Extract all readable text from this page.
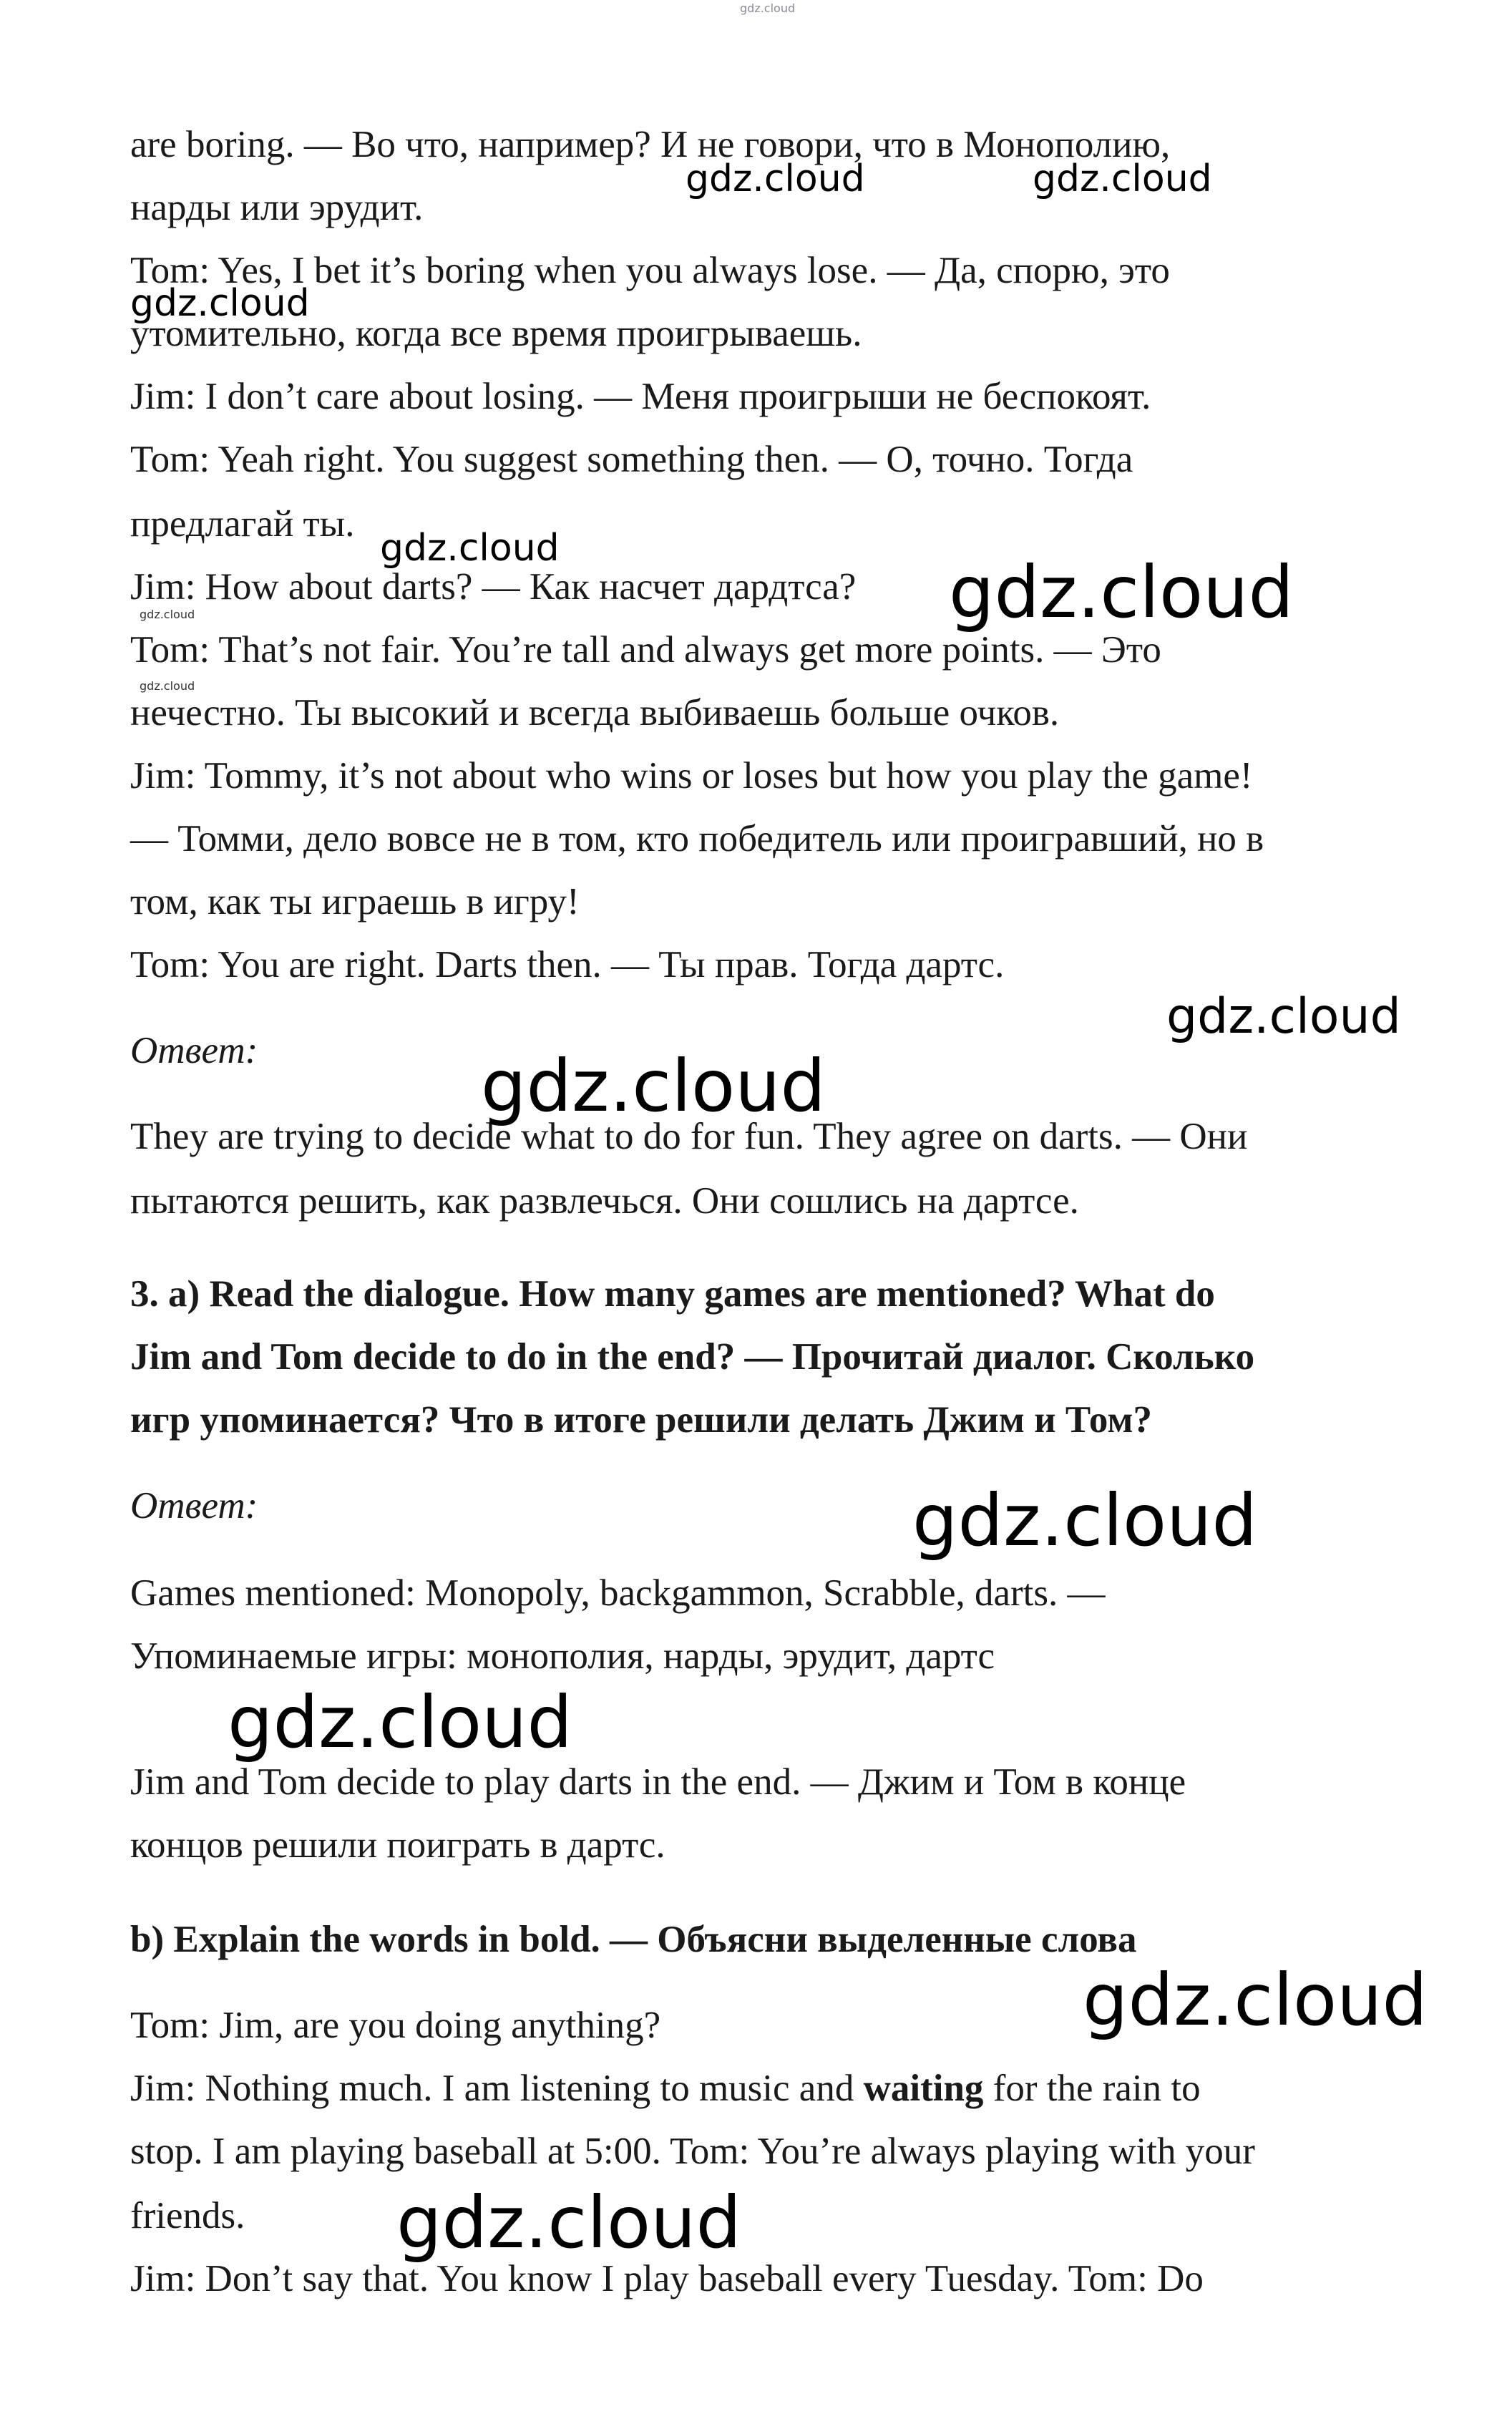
gdz.cloud
are boring. — Во что, например? И не говори, что в Монополию,
нарды или эрудит.
Tom: Yes, I bet it’s boring when you always lose. — Да, спорю, это
утомительно, когда все время проигрываешь.
Jim: I don’t care about losing. — Меня проигрыши не беспокоят.
Tom: Yeah right. You suggest something then. — О, точно. Тогда
предлагай ты.
Jim: How about darts? — Как насчет дардтса?
Tom: That’s not fair. You’re tall and always get more points. — Это
нечестно. Ты высокий и всегда выбиваешь больше очков.
Jim: Tommy, it’s not about who wins or loses but how you play the game!
— Томми, дело вовсе не в том, кто победитель или проигравший, но в
том, как ты играешь в игру!
Tom: You are right. Darts then. — Ты прав. Тогда дартс.
Ответ:
They are trying to decide what to do for fun. They agree on darts. — Они
пытаются решить, как развлечься. Они сошлись на дартсе.
3. a) Read the dialogue. How many games are mentioned? What do
Jim and Tom decide to do in the end? — Прочитай диалог. Сколько
игр упоминается? Что в итоге решили делать Джим и Том?
Ответ:
Games mentioned: Monopoly, backgammon, Scrabble, darts. —
Упоминаемые игры: монополия, нарды, эрудит, дартс
Jim and Tom decide to play darts in the end. — Джим и Том в конце
концов решили поиграть в дартс.
b) Explain the words in bold. — Объясни выделенные слова
Tom: Jim, are you doing anything?
Jim: Nothing much. I am listening to music and waiting for the rain to
stop. I am playing baseball at 5:00. Tom: You’re always playing with your
friends.
Jim: Don’t say that. You know I play baseball every Tuesday. Tom: Do
gdz.cloud	gdz.cloud
gdz.cloud
gdz.cloud
gdz.cloud
gdz.cloud
gdz.cloud
gdz.cloud
gdz.cloud
gdz.cloud
gdz.cloud
gdz.cloud
gdz.cloud
